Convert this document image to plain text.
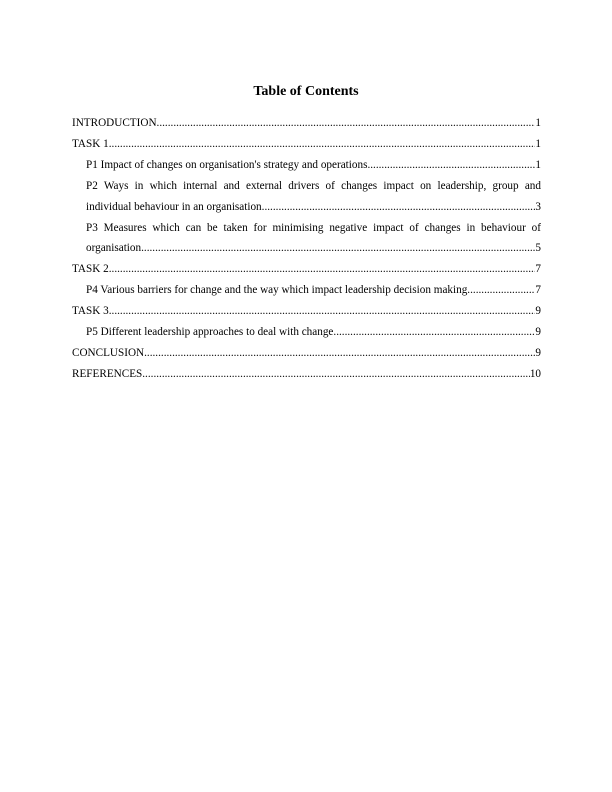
Table of Contents
INTRODUCTION .....	1
TASK 1 .....	1
P1 Impact of changes on organisation's strategy and operations .....	1
P2 Ways in which internal and external drivers of changes impact on leadership, group and
individual behaviour in an organisation .....	3
P3 Measures which can be taken for minimising negative impact of changes in behaviour of
organisation .....	5
TASK 2 .....	7
P4 Various barriers for change and the way which impact leadership decision making .....	7
TASK 3 .....	9
P5 Different leadership approaches to deal with change .....	9
CONCLUSION .....	9
REFERENCES .....	10
